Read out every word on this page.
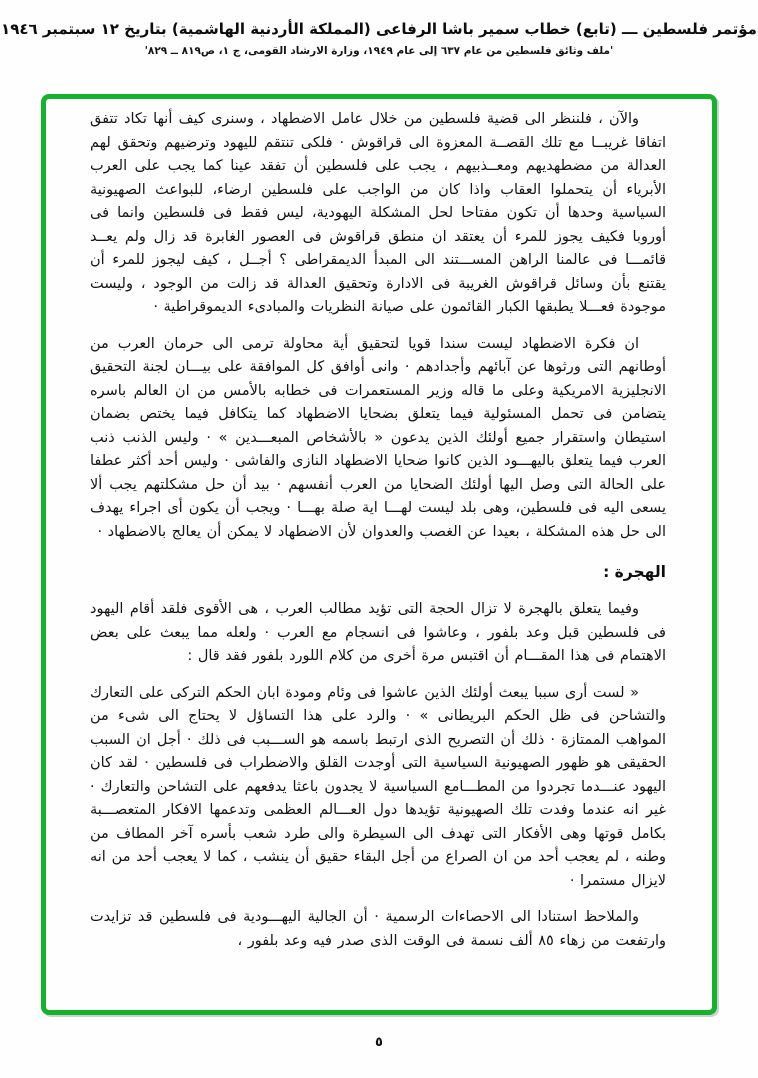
مؤتمر فلسطين ـــ (تابع) خطاب سمير باشا الرفاعى (المملكة الأردنية الهاشمية) بتاريخ ١٢ سبتمبر ١٩٤٦
'ملف وثائق فلسطين من عام ٦٣٧ إلى عام ١٩٤٩، وزارة الارشاد القومى، ج ١، ص٨١٩ ــ ٨٢٩'

والآن ، فلننظر الى قضية فلسطين من خلال عامل الاضطهاد ، وسنرى كيف أنها تكاد تتفق اتفاقا غريبــا مع تلك القصــة المعزوة الى قراقوش · فلكى تنتقم لليهود وترضيهم وتحقق لهم العدالة من مضطهديهم ومعــذبيهم ، يجب على فلسطين أن تفقد عينا كما يجب على العرب الأبرياء أن يتحملوا العقاب واذا كان من الواجب على فلسطين ارضاء، للبواعث الصهيونية السياسية وحدها أن تكون مفتاحا لحل المشكلة اليهودية، ليس فقط فى فلسطين وانما فى أوروبا فكيف يجوز للمرء أن يعتقد ان منطق قراقوش فى العصور الغابرة قد زال ولم يعــد قائمـــا فى عالمنا الراهن المســـتند الى المبدأ الديمقراطى ؟ أجــل ، كيف ليجوز للمرء أن يقتنع بأن وسائل قراقوش الغريبة فى الادارة وتحقيق العدالة قد زالت من الوجود ، وليست موجودة فعـــلا يطبقها الكبار القائمون على صيانة النظريات والمبادىء الديموقراطية ·

ان فكرة الاضطهاد ليست سندا قويا لتحقيق أية محاولة ترمى الى حرمان العرب من أوطانهم التى ورثوها عن آبائهم وأجدادهم · وانى أوافق كل الموافقة على بيـــان لجنة التحقيق الانجليزية الامريكية وعلى ما قاله وزير المستعمرات فى خطابه بالأمس من ان العالم باسره يتضامن فى تحمل المسئولية فيما يتعلق بضحايا الاضطهاد كما يتكافل فيما يختص بضمان استيطان واستقرار جميع أولئك الذين يدعون « بالأشخاص المبعـــدين » · وليس الذنب ذنب العرب فيما يتعلق باليهـــود الذين كانوا ضحايا الاضطهاد النازى والفاشى · وليس أحد أكثر عطفا على الحالة التى وصل اليها أولئك الضحايا من العرب أنفسهم · بيد أن حل مشكلتهم يجب ألا يسعى اليه فى فلسطين، وهى بلد ليست لهـــا اية صلة بهـــا · ويجب أن يكون أى اجراء يهدف الى حل هذه المشكلة ، بعيدا عن الغصب والعدوان لأن الاضطهاد لا يمكن أن يعالج بالاضطهاد ·

الهجرة :

وفيما يتعلق بالهجرة لا تزال الحجة التى تؤيد مطالب العرب ، هى الأقوى فلقد أقام اليهود فى فلسطين قبل وعد بلفور ، وعاشوا فى انسجام مع العرب · ولعله مما يبعث على بعض الاهتمام فى هذا المقـــام أن اقتبس مرة أخرى من كلام اللورد بلفور فقد قال :

« لست أرى سببا يبعث أولئك الذين عاشوا فى وئام ومودة ابان الحكم التركى على التعارك والتشاحن فى ظل الحكم البريطانى » · والرد على هذا التساؤل لا يحتاج الى شىء من المواهب الممتازة · ذلك أن التصريح الذى ارتبط باسمه هو الســـبب فى ذلك · أجل ان السبب الحقيقى هو ظهور الصهيونية السياسية التى أوجدت القلق والاضطراب فى فلسطين · لقد كان اليهود عنـــدما تجردوا من المطـــامع السياسية لا يجدون باعثا يدفعهم على التشاحن والتعارك · غير انه عندما وفدت تلك الصهيونية تؤيدها دول العـــالم العظمى وتدعمها الافكار المتعصـــبة بكامل قوتها وهى الأفكار التى تهدف الى السيطرة والى طرد شعب بأسره آخر المطاف من وطنه ، لم يعجب أحد من ان الصراع من أجل البقاء حقيق أن ينشب ، كما لا يعجب أحد من انه لايزال مستمرا ·

والملاحظ استنادا الى الاحصاءات الرسمية · أن الجالية اليهـــودية فى فلسطين قد تزايدت وارتفعت من زهاء ٨٥ ألف نسمة فى الوقت الذى صدر فيه وعد بلفور ،

٥
